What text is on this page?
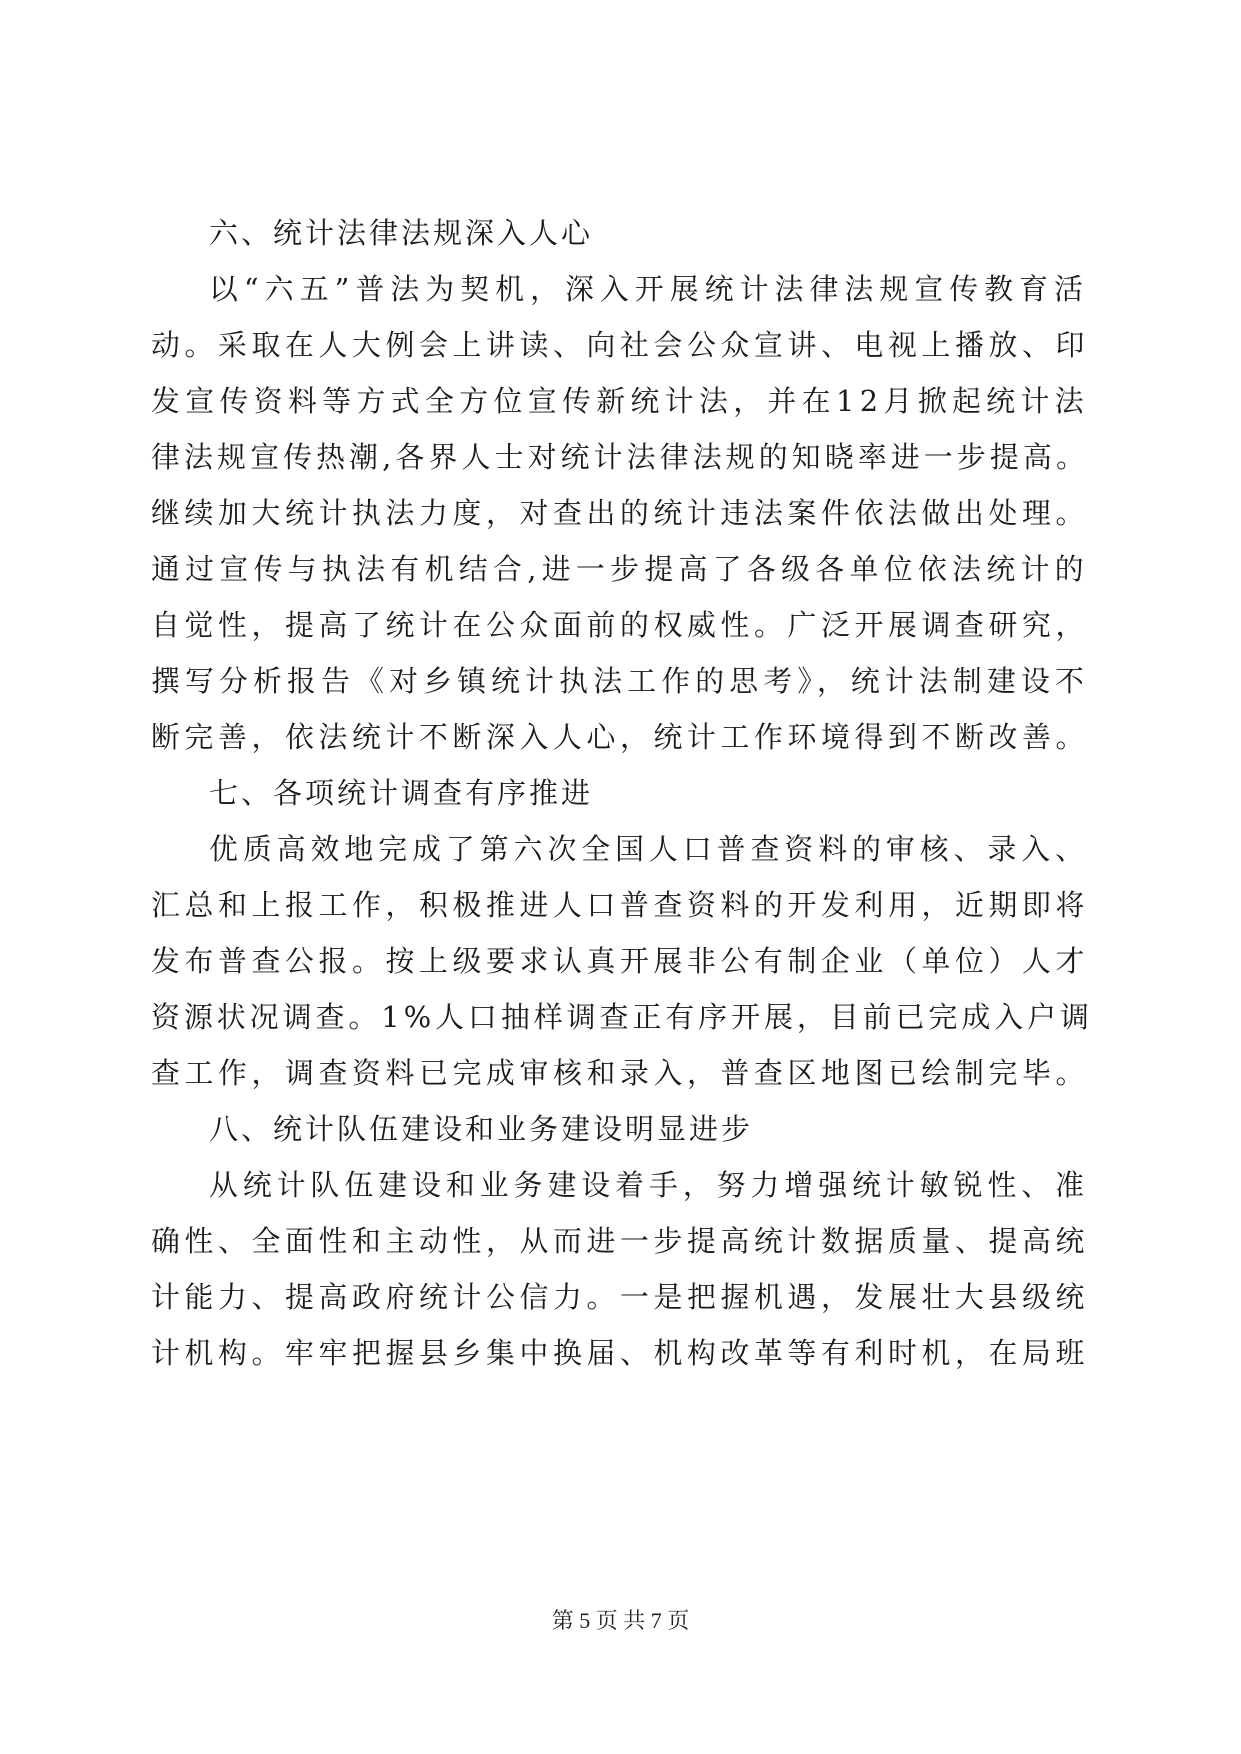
六、统计法律法规深入人心
以“六五”普法为契机，深入开展统计法律法规宣传教育活
动。采取在人大例会上讲读、向社会公众宣讲、电视上播放、印
发宣传资料等方式全方位宣传新统计法，并在12月掀起统计法
律法规宣传热潮,各界人士对统计法律法规的知晓率进一步提高。
继续加大统计执法力度，对查出的统计违法案件依法做出处理。
通过宣传与执法有机结合,进一步提高了各级各单位依法统计的
自觉性，提高了统计在公众面前的权威性。广泛开展调查研究，
撰写分析报告《对乡镇统计执法工作的思考》，统计法制建设不
断完善，依法统计不断深入人心，统计工作环境得到不断改善。
七、各项统计调查有序推进
优质高效地完成了第六次全国人口普查资料的审核、录入、
汇总和上报工作，积极推进人口普查资料的开发利用，近期即将
发布普查公报。按上级要求认真开展非公有制企业（单位）人才
资源状况调查。1%人口抽样调查正有序开展，目前已完成入户调
查工作，调查资料已完成审核和录入，普查区地图已绘制完毕。
八、统计队伍建设和业务建设明显进步
从统计队伍建设和业务建设着手，努力增强统计敏锐性、准
确性、全面性和主动性，从而进一步提高统计数据质量、提高统
计能力、提高政府统计公信力。一是把握机遇，发展壮大县级统
计机构。牢牢把握县乡集中换届、机构改革等有利时机，在局班
第 5 页 共 7 页
